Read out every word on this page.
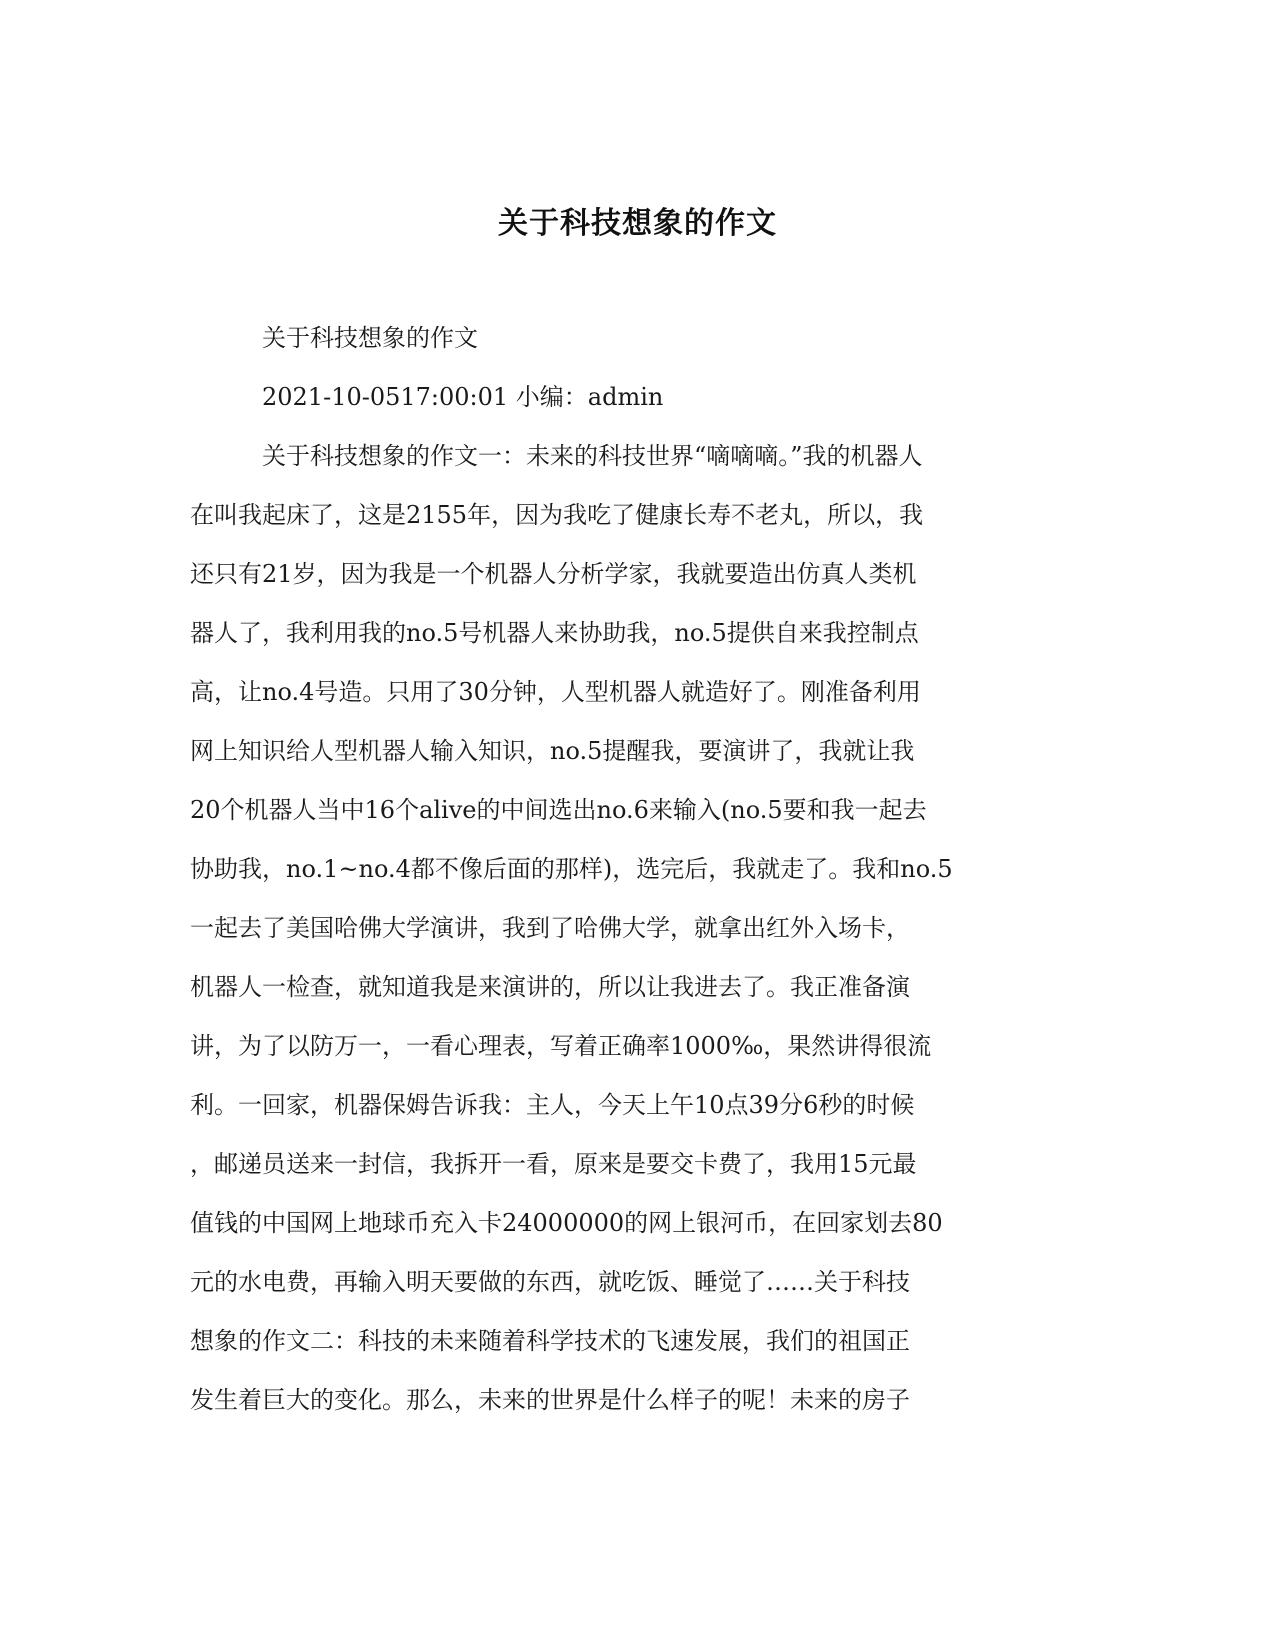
关于科技想象的作文
关于科技想象的作文
2021-10-0517:00:01 小编：admin
关于科技想象的作文一：未来的科技世界“嘀嘀嘀。”我的机器人
在叫我起床了，这是2155年，因为我吃了健康长寿不老丸，所以，我
还只有21岁，因为我是一个机器人分析学家，我就要造出仿真人类机
器人了，我利用我的no.5号机器人来协助我，no.5提供自来我控制点
高，让no.4号造。只用了30分钟，人型机器人就造好了。刚准备利用
网上知识给人型机器人输入知识，no.5提醒我，要演讲了，我就让我
20个机器人当中16个alive的中间选出no.6来输入(no.5要和我一起去
协助我，no.1~no.4都不像后面的那样)，选完后，我就走了。我和no.5
一起去了美国哈佛大学演讲，我到了哈佛大学，就拿出红外入场卡，
机器人一检查，就知道我是来演讲的，所以让我进去了。我正准备演
讲，为了以防万一，一看心理表，写着正确率1000‰，果然讲得很流
利。一回家，机器保姆告诉我：主人，今天上午10点39分6秒的时候
，邮递员送来一封信，我拆开一看，原来是要交卡费了，我用15元最
值钱的中国网上地球币充入卡24000000的网上银河币，在回家划去80
元的水电费，再输入明天要做的东西，就吃饭、睡觉了……关于科技
想象的作文二：科技的未来随着科学技术的飞速发展，我们的祖国正
发生着巨大的变化。那么，未来的世界是什么样子的呢！未来的房子
